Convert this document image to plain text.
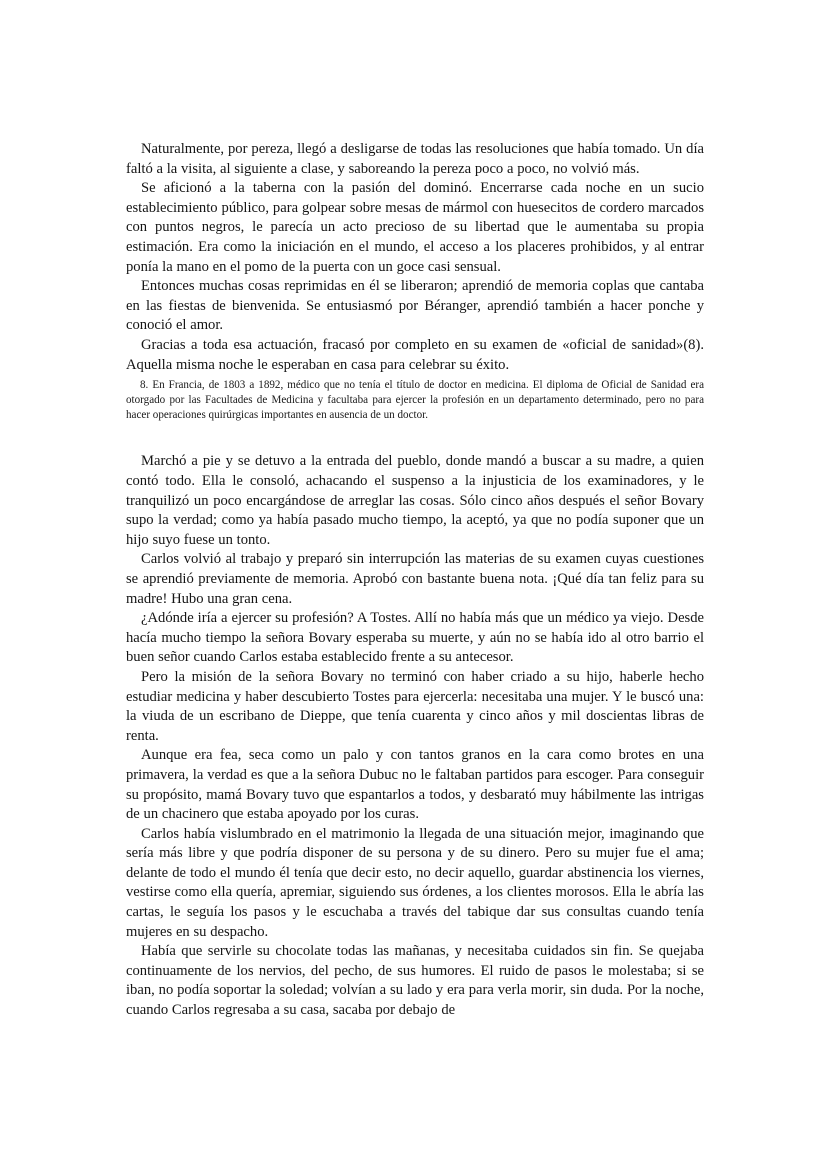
Naturalmente, por pereza, llegó a desligarse de todas las resoluciones que había tomado. Un día faltó a la visita, al siguiente a clase, y saboreando la pereza poco a poco, no volvió más.

Se aficionó a la taberna con la pasión del dominó. Encerrarse cada noche en un sucio establecimiento público, para golpear sobre mesas de mármol con huesecitos de cordero marcados con puntos negros, le parecía un acto precioso de su libertad que le aumentaba su propia estimación. Era como la iniciación en el mundo, el acceso a los placeres prohibidos, y al entrar ponía la mano en el pomo de la puerta con un goce casi sensual.

Entonces muchas cosas reprimidas en él se liberaron; aprendió de memoria coplas que cantaba en las fiestas de bienvenida. Se entusiasmó por Béranger, aprendió también a hacer ponche y conoció el amor.

Gracias a toda esa actuación, fracasó por completo en su examen de «oficial de sanidad»(8). Aquella misma noche le esperaban en casa para celebrar su éxito.

8. En Francia, de 1803 a 1892, médico que no tenía el título de doctor en medicina. El diploma de Oficial de Sanidad era otorgado por las Facultades de Medicina y facultaba para ejercer la profesión en un departamento determinado, pero no para hacer operaciones quirúrgicas importantes en ausencia de un doctor.

Marchó a pie y se detuvo a la entrada del pueblo, donde mandó a buscar a su madre, a quien contó todo. Ella le consoló, achacando el suspenso a la injusticia de los examinadores, y le tranquilizó un poco encargándose de arreglar las cosas. Sólo cinco años después el señor Bovary supo la verdad; como ya había pasado mucho tiempo, la aceptó, ya que no podía suponer que un hijo suyo fuese un tonto.

Carlos volvió al trabajo y preparó sin interrupción las materias de su examen cuyas cuestiones se aprendió previamente de memoria. Aprobó con bastante buena nota. ¡Qué día tan feliz para su madre! Hubo una gran cena.

¿Adónde iría a ejercer su profesión? A Tostes. Allí no había más que un médico ya viejo. Desde hacía mucho tiempo la señora Bovary esperaba su muerte, y aún no se había ido al otro barrio el buen señor cuando Carlos estaba establecido frente a su antecesor.

Pero la misión de la señora Bovary no terminó con haber criado a su hijo, haberle hecho estudiar medicina y haber descubierto Tostes para ejercerla: necesitaba una mujer. Y le buscó una: la viuda de un escribano de Dieppe, que tenía cuarenta y cinco años y mil doscientas libras de renta.

Aunque era fea, seca como un palo y con tantos granos en la cara como brotes en una primavera, la verdad es que a la señora Dubuc no le faltaban partidos para escoger. Para conseguir su propósito, mamá Bovary tuvo que espantarlos a todos, y desbarató muy hábilmente las intrigas de un chacinero que estaba apoyado por los curas.

Carlos había vislumbrado en el matrimonio la llegada de una situación mejor, imaginando que sería más libre y que podría disponer de su persona y de su dinero. Pero su mujer fue el ama; delante de todo el mundo él tenía que decir esto, no decir aquello, guardar abstinencia los viernes, vestirse como ella quería, apremiar, siguiendo sus órdenes, a los clientes morosos. Ella le abría las cartas, le seguía los pasos y le escuchaba a través del tabique dar sus consultas cuando tenía mujeres en su despacho.

Había que servirle su chocolate todas las mañanas, y necesitaba cuidados sin fin. Se quejaba continuamente de los nervios, del pecho, de sus humores. El ruido de pasos le molestaba; si se iban, no podía soportar la soledad; volvían a su lado y era para verla morir, sin duda. Por la noche, cuando Carlos regresaba a su casa, sacaba por debajo de
